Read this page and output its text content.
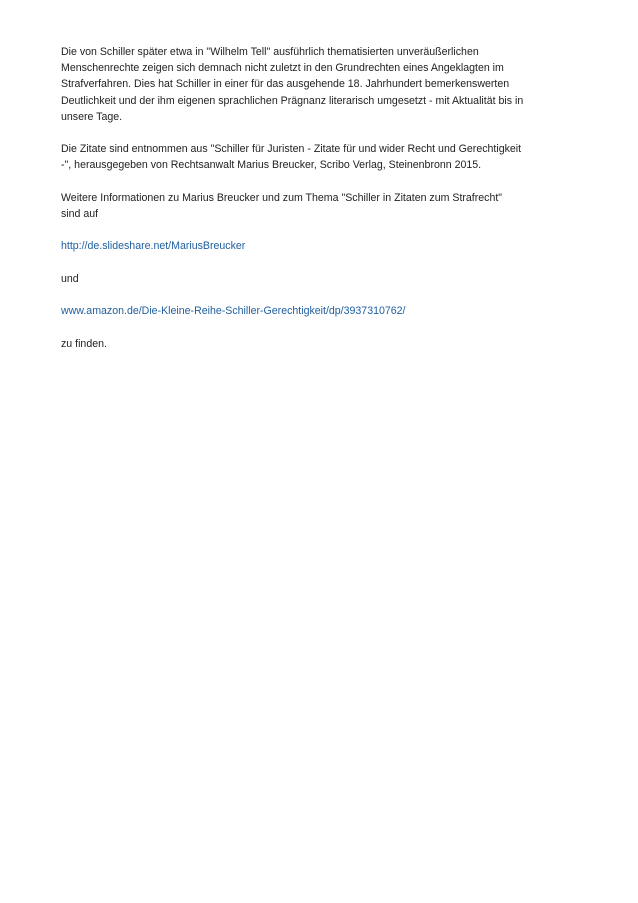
Die von Schiller später etwa in "Wilhelm Tell" ausführlich thematisierten unveräußerlichen
Menschenrechte zeigen sich demnach nicht zuletzt in den Grundrechten eines Angeklagten im
Strafverfahren. Dies hat Schiller in einer für das ausgehende 18. Jahrhundert bemerkenswerten
Deutlichkeit und der ihm eigenen sprachlichen Prägnanz literarisch umgesetzt - mit Aktualität bis in
unsere Tage.

Die Zitate sind entnommen aus "Schiller für Juristen - Zitate für und wider Recht und Gerechtigkeit
-", herausgegeben von Rechtsanwalt Marius Breucker, Scribo Verlag, Steinenbronn 2015.

Weitere Informationen zu Marius Breucker und zum Thema "Schiller in Zitaten zum Strafrecht"
sind auf

http://de.slideshare.net/MariusBreucker

und

www.amazon.de/Die-Kleine-Reihe-Schiller-Gerechtigkeit/dp/3937310762/

zu finden.
